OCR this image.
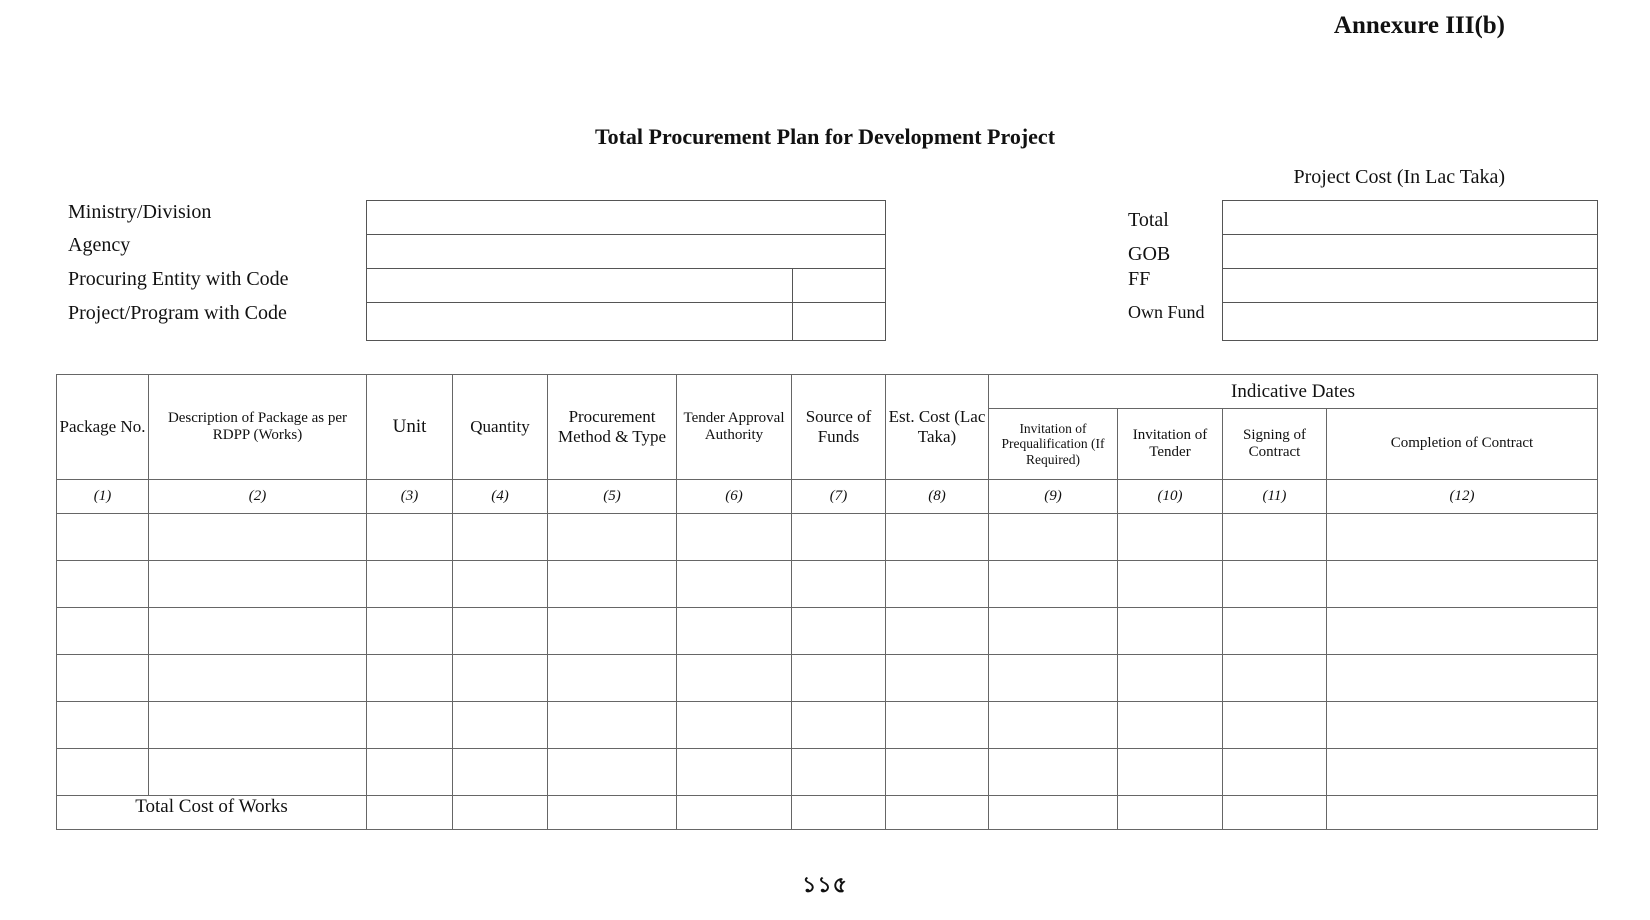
Annexure III(b)
Total Procurement Plan for Development Project
Project Cost (In Lac Taka)
Ministry/Division
Agency
Procuring Entity with Code
Project/Program with Code
Total
GOB
FF
Own Fund
Package No.	Description of Package as per RDPP (Works)	Unit	Quantity	Procurement Method & Type	Tender Approval Authority	Source of Funds	Est. Cost (Lac Taka)	Indicative Dates			
								Invitation of Prequalification (If Required)	Invitation of Tender	Signing of Contract	Completion of Contract
(1)	(2)	(3)	(4)	(5)	(6)	(7)	(8)	(9)	(10)	(11)	(12)

Total Cost of Works											
১১৫
